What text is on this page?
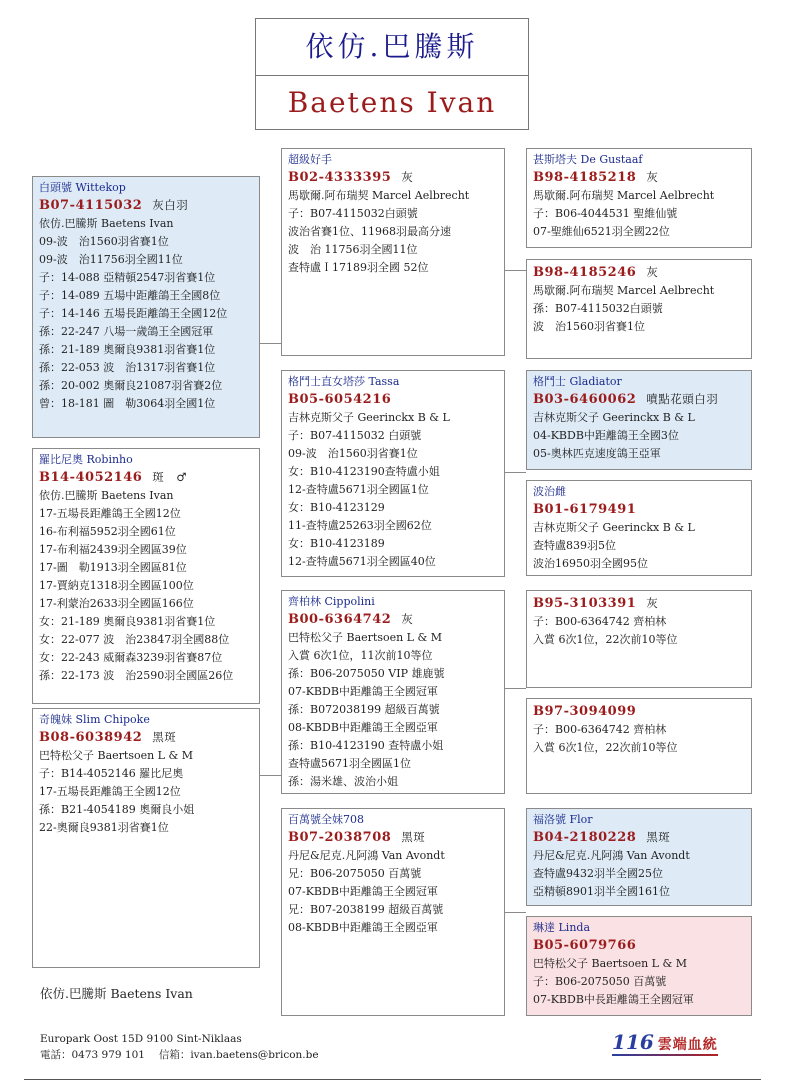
依仿.巴騰斯
Baetens Ivan
白頭號 Wittekop
B07-4115032 灰白羽
依仿.巴騰斯 Baetens Ivan
09-波　治1560羽省賽1位
09-波　治11756羽全國11位
子：14-088 亞精頓2547羽省賽1位
子：14-089 五場中距離鴿王全國8位
子：14-146 五場長距離鴿王全國12位
孫：22-247 八場一歲鴿王全國冠軍
孫：21-189 奧爾良9381羽省賽1位
孫：22-053 波　治1317羽省賽1位
孫：20-002 奧爾良21087羽省賽2位
曾：18-181 圖　勒3064羽全國1位
羅比尼奧 Robinho
B14-4052146 斑　♂
依仿.巴騰斯 Baetens Ivan
17-五場長距離鴿王全國12位
16-布利福5952羽全國61位
17-布利福2439羽全國區39位
17-圖　勒1913羽全國區81位
17-賈納克1318羽全國區100位
17-利蒙治2633羽全國區166位
女：21-189 奧爾良9381羽省賽1位
女：22-077 波　治23847羽全國88位
女：22-243 威爾森3239羽省賽87位
孫：22-173 波　治2590羽全國區26位
奇魄妹 Slim Chipoke
B08-6038942 黑斑
巴特松父子 Baertsoen L & M
子：B14-4052146 羅比尼奧
17-五場長距離鴿王全國12位
孫：B21-4054189 奧爾良小姐
22-奧爾良9381羽省賽1位
超級好手
B02-4333395 灰
馬歇爾.阿布瑞契 Marcel Aelbrecht
子：B07-4115032白頭號
波治省賽1位、11968羽最高分速
波　治 11756羽全國11位
查特盧Ｉ17189羽全國 52位
格鬥士直女塔莎 Tassa
B05-6054216
吉林克斯父子 Geerinckx B & L
子：B07-4115032 白頭號
09-波　治1560羽省賽1位
女：B10-4123190查特盧小姐
12-查特盧5671羽全國區1位
女：B10-4123129
11-查特盧25263羽全國62位
女：B10-4123189
12-查特盧5671羽全國區40位
齊柏林 Cippolini
B00-6364742 灰
巴特松父子 Baertsoen L & M
入賞 6次1位，11次前10等位
孫：B06-2075050 VIP 雄鹿號
07-KBDB中距離鴿王全國冠軍
孫：B072038199 超級百萬號
08-KBDB中距離鴿王全國亞軍
孫：B10-4123190 查特盧小姐
查特盧5671羽全國區1位
孫：湯米雄、波治小姐
百萬號全妹708
B07-2038708 黑斑
丹尼&尼克.凡阿鴻 Van Avondt
兄：B06-2075050 百萬號
07-KBDB中距離鴿王全國冠軍
兄：B07-2038199 超級百萬號
08-KBDB中距離鴿王全國亞軍
甚斯塔夫 De Gustaaf
B98-4185218 灰
馬歇爾.阿布瑞契 Marcel Aelbrecht
子：B06-4044531 聖維仙號
07-聖維仙6521羽全國22位
B98-4185246 灰
馬歇爾.阿布瑞契 Marcel Aelbrecht
孫：B07-4115032白頭號
波　治1560羽省賽1位
格鬥士 Gladiator
B03-6460062 噴點花頭白羽
吉林克斯父子 Geerinckx B & L
04-KBDB中距離鴿王全國3位
05-奧林匹克速度鴿王亞軍
波治雌
B01-6179491
吉林克斯父子 Geerinckx B & L
查特盧839羽5位
波治16950羽全國95位
B95-3103391 灰
子：B00-6364742 齊柏林
入賞 6次1位，22次前10等位
B97-3094099
子：B00-6364742 齊柏林
入賞 6次1位，22次前10等位
福洛號 Flor
B04-2180228 黑斑
丹尼&尼克.凡阿鴻 Van Avondt
查特盧9432羽半全國25位
亞精頓8901羽半全國161位
琳達 Linda
B05-6079766
巴特松父子 Baertsoen L & M
子：B06-2075050 百萬號
07-KBDB中長距離鴿王全國冠軍
依仿.巴騰斯 Baetens Ivan
Europark Oost 15D 9100 Sint-Niklaas
電話：0473 979 101　 信箱：ivan.baetens@bricon.be
116 雲端血統
